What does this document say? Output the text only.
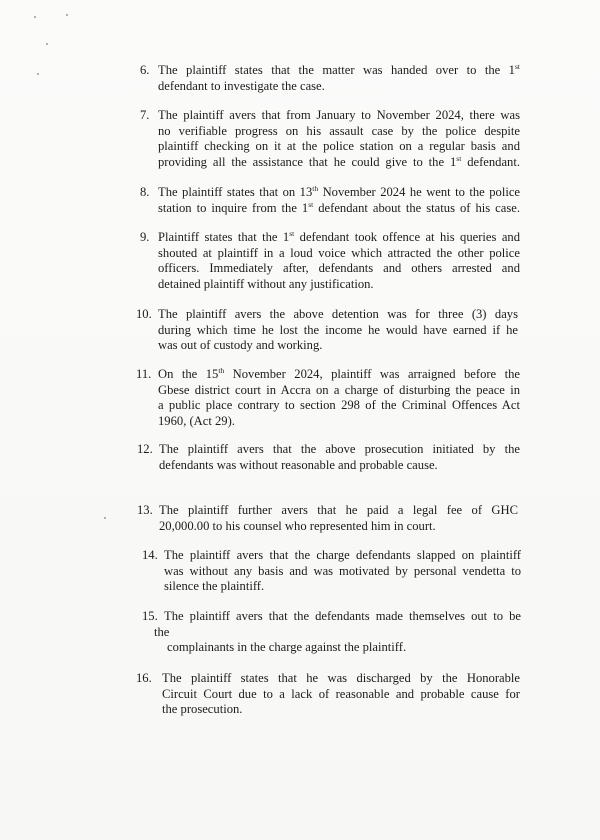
6. The plaintiff states that the matter was handed over to the 1st
defendant to investigate the case.
7. The plaintiff avers that from January to November 2024, there was
no verifiable progress on his assault case by the police despite
plaintiff checking on it at the police station on a regular basis and
providing all the assistance that he could give to the 1st defendant.
8. The plaintiff states that on 13th November 2024 he went to the police
station to inquire from the 1st defendant about the status of his case.
9. Plaintiff states that the 1st defendant took offence at his queries and
shouted at plaintiff in a loud voice which attracted the other police
officers. Immediately after, defendants and others arrested and
detained plaintiff without any justification.
10. The plaintiff avers the above detention was for three (3) days
during which time he lost the income he would have earned if he
was out of custody and working.
11. On the 15th November 2024, plaintiff was arraigned before the
Gbese district court in Accra on a charge of disturbing the peace in
a public place contrary to section 298 of the Criminal Offences Act
1960, (Act 29).
12. The plaintiff avers that the above prosecution initiated by the
defendants was without reasonable and probable cause.
13. The plaintiff further avers that he paid a legal fee of GHC
20,000.00 to his counsel who represented him in court.
14. The plaintiff avers that the charge defendants slapped on plaintiff
was without any basis and was motivated by personal vendetta to
silence the plaintiff.
15. The plaintiff avers that the defendants made themselves out to be
the
complainants in the charge against the plaintiff.
16. The plaintiff states that he was discharged by the Honorable
Circuit Court due to a lack of reasonable and probable cause for
the prosecution.
